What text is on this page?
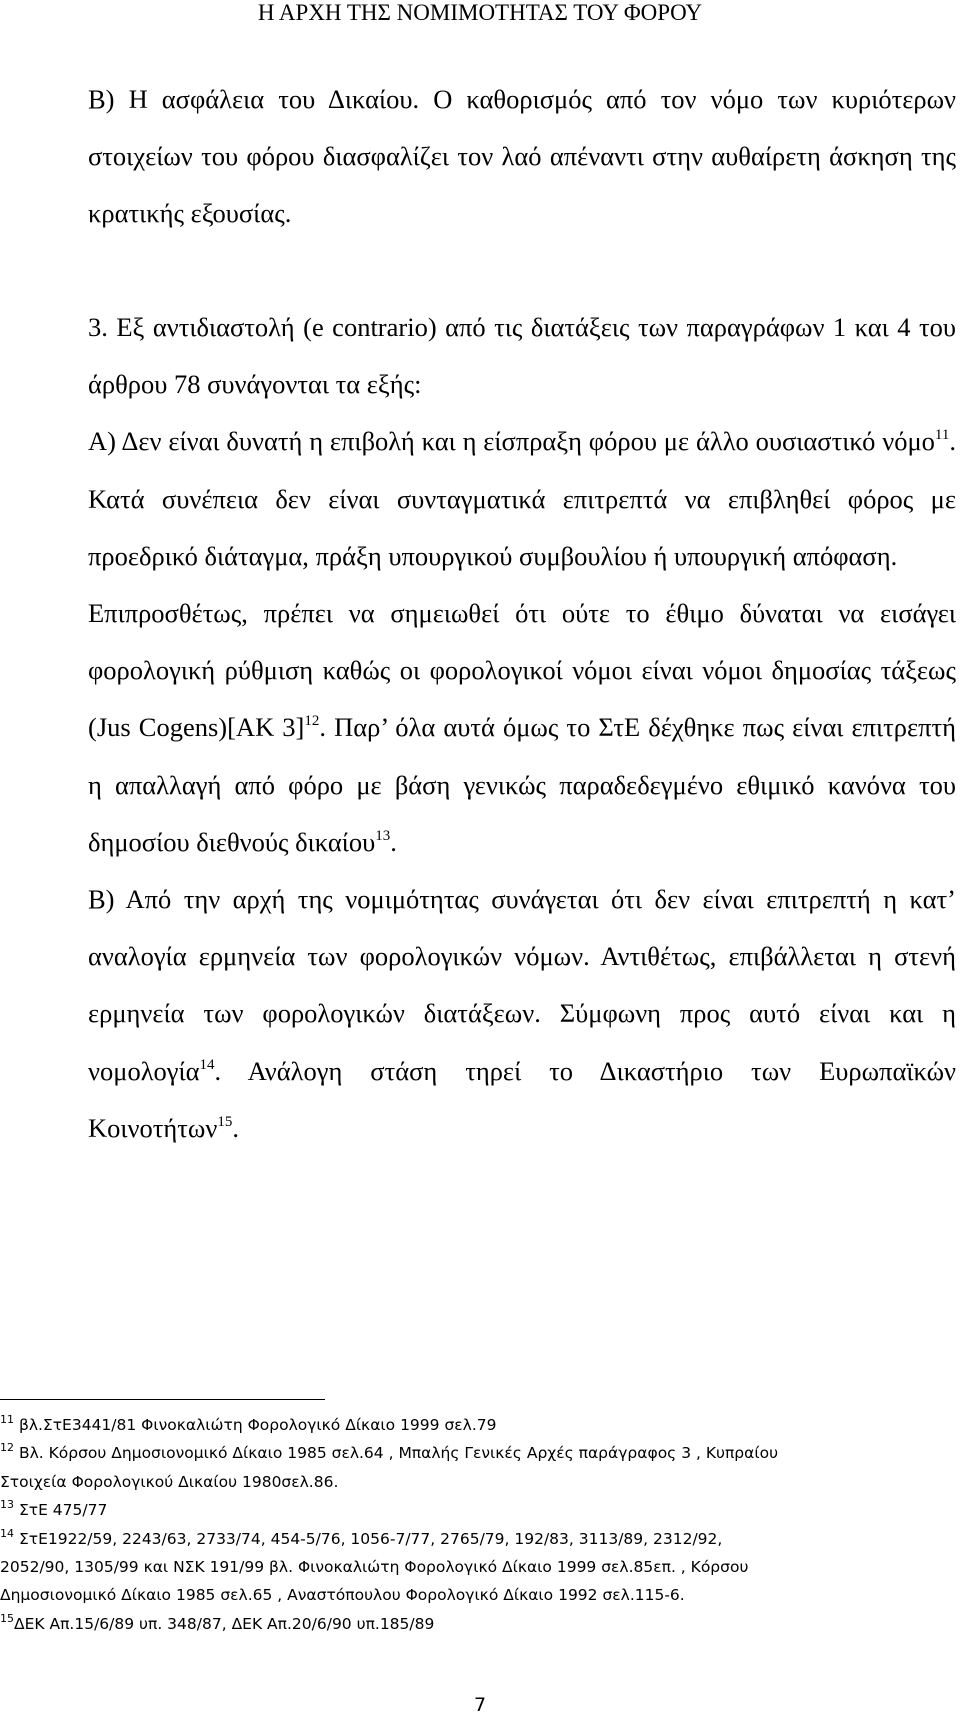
Η ΑΡΧΗ ΤΗΣ ΝΟΜΙΜΟΤΗΤΑΣ ΤΟΥ ΦΟΡΟΥ

Β) Η ασφάλεια του Δικαίου. Ο καθορισμός από τον νόμο των κυριότερων στοιχείων του φόρου διασφαλίζει τον λαό απέναντι στην αυθαίρετη άσκηση της κρατικής εξουσίας.

3. Εξ αντιδιαστολή (e contrario) από τις διατάξεις των παραγράφων 1 και 4 του άρθρου 78 συνάγονται τα εξής:

Α) Δεν είναι δυνατή η επιβολή και η είσπραξη φόρου με άλλο ουσιαστικό νόμο$^{11}$. Κατά συνέπεια δεν είναι συνταγματικά επιτρεπτά να επιβληθεί φόρος με προεδρικό διάταγμα, πράξη υπουργικού συμβουλίου ή υπουργική απόφαση.

Επιπροσθέτως, πρέπει να σημειωθεί ότι ούτε το έθιμο δύναται να εισάγει φορολογική ρύθμιση καθώς οι φορολογικοί νόμοι είναι νόμοι δημοσίας τάξεως (Jus Cogens)[ΑΚ 3]$^{12}$. Παρ’ όλα αυτά όμως το ΣτΕ δέχθηκε πως είναι επιτρεπτή η απαλλαγή από φόρο με βάση γενικώς παραδεδεγμένο εθιμικό κανόνα του δημοσίου διεθνούς δικαίου$^{13}$.

Β) Από την αρχή της νομιμότητας συνάγεται ότι δεν είναι επιτρεπτή η κατ’ αναλογία ερμηνεία των φορολογικών νόμων. Αντιθέτως, επιβάλλεται η στενή ερμηνεία των φορολογικών διατάξεων. Σύμφωνη προς αυτό είναι και η νομολογία$^{14}$. Ανάλογη στάση τηρεί το Δικαστήριο των Ευρωπαϊκών Κοινοτήτων$^{15}$.

$^{11}$ βλ.ΣτΕ3441/81 Φινοκαλιώτη Φορολογικό Δίκαιο 1999 σελ.79

$^{12}$ Βλ. Κόρσου Δημοσιονομικό Δίκαιο 1985 σελ.64 , Μπαλής Γενικές Αρχές παράγραφος 3 , Κυπραίου

Στοιχεία Φορολογικού Δικαίου 1980σελ.86.

$^{13}$ ΣτΕ 475/77

$^{14}$ ΣτΕ1922/59, 2243/63, 2733/74, 454-5/76, 1056-7/77, 2765/79, 192/83, 3113/89, 2312/92,

2052/90, 1305/99 και ΝΣΚ 191/99 βλ. Φινοκαλιώτη Φορολογικό Δίκαιο 1999 σελ.85επ. , Κόρσου

Δημοσιονομικό Δίκαιο 1985 σελ.65 , Αναστόπουλου Φορολογικό Δίκαιο 1992 σελ.115-6.

$^{15}$ΔΕΚ Απ.15/6/89 υπ. 348/87, ΔΕΚ Απ.20/6/90 υπ.185/89

7
